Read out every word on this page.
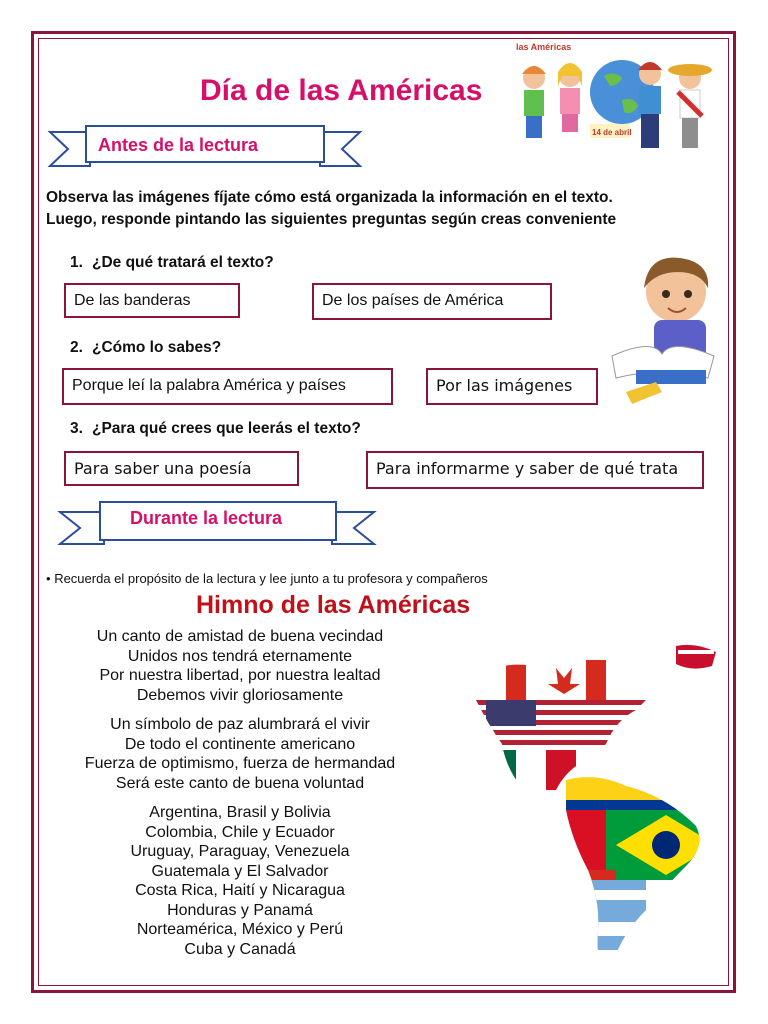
Día de las Américas
las Américas
14 de abril
Antes de la lectura
Observa las imágenes fíjate cómo está organizada la información en el texto.
Luego, responde pintando las siguientes preguntas según creas conveniente
1. ¿De qué tratará el texto?
De las banderas	De los países de América
2. ¿Cómo lo sabes?
Porque leí la palabra América y países	Por las imágenes
3. ¿Para qué crees que leerás el texto?
Para saber una poesía	Para informarme y saber de qué trata
Durante la lectura
• Recuerda el propósito de la lectura y lee junto a tu profesora y compañeros
Himno de las Américas
Un canto de amistad de buena vecindad
Unidos nos tendrá eternamente
Por nuestra libertad, por nuestra lealtad
Debemos vivir gloriosamente
Un símbolo de paz alumbrará el vivir
De todo el continente americano
Fuerza de optimismo, fuerza de hermandad
Será este canto de buena voluntad
Argentina, Brasil y Bolivia
Colombia, Chile y Ecuador
Uruguay, Paraguay, Venezuela
Guatemala y El Salvador
Costa Rica, Haití y Nicaragua
Honduras y Panamá
Norteamérica, México y Perú
Cuba y Canadá
